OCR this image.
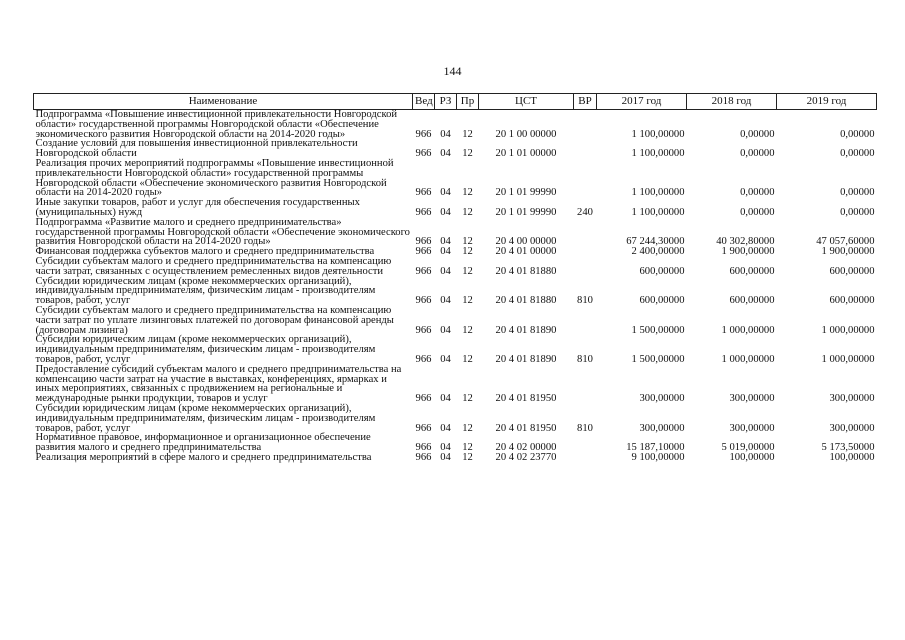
144
Наименование	Вед	РЗ	Пр	ЦСТ	ВР	2017 год	2018 год	2019 год
Подпрограмма «Повышение инвестиционной привлекательности Новгородской области» государственной программы Новгородской области «Обеспечение экономического развития Новгородской области на 2014-2020 годы»	966	04	12	20 1 00 00000		1 100,00000	0,00000	0,00000
Создание условий для повышения инвестиционной привлекательности Новгородской области	966	04	12	20 1 01 00000		1 100,00000	0,00000	0,00000
Реализация прочих мероприятий подпрограммы «Повышение инвестиционной привлекательности Новгородской области» государственной программы Новгородской области «Обеспечение экономического развития Новгородской области на 2014-2020 годы»	966	04	12	20 1 01 99990		1 100,00000	0,00000	0,00000
Иные закупки товаров, работ и услуг для обеспечения государственных (муниципальных) нужд	966	04	12	20 1 01 99990	240	1 100,00000	0,00000	0,00000
Подпрограмма «Развитие малого и среднего предпринимательства» государственной программы Новгородской области «Обеспечение экономического развития Новгородской области на 2014-2020 годы»	966	04	12	20 4 00 00000		67 244,30000	40 302,80000	47 057,60000
Финансовая поддержка субъектов малого и среднего предпринимательства	966	04	12	20 4 01 00000		2 400,00000	1 900,00000	1 900,00000
Субсидии субъектам малого и среднего предпринимательства на компенсацию части затрат, связанных с осуществлением ремесленных видов деятельности	966	04	12	20 4 01 81880		600,00000	600,00000	600,00000
Субсидии юридическим лицам (кроме некоммерческих организаций), индивидуальным предпринимателям, физическим лицам - производителям товаров, работ, услуг	966	04	12	20 4 01 81880	810	600,00000	600,00000	600,00000
Субсидии субъектам малого и среднего предпринимательства на компенсацию части затрат по уплате лизинговых платежей по договорам финансовой аренды (договорам лизинга)	966	04	12	20 4 01 81890		1 500,00000	1 000,00000	1 000,00000
Субсидии юридическим лицам (кроме некоммерческих организаций), индивидуальным предпринимателям, физическим лицам - производителям товаров, работ, услуг	966	04	12	20 4 01 81890	810	1 500,00000	1 000,00000	1 000,00000
Предоставление субсидий субъектам малого и среднего предпринимательства на компенсацию части затрат на участие в выставках, конференциях, ярмарках и иных мероприятиях, связанных с продвижением на региональные и международные рынки продукции, товаров и услуг	966	04	12	20 4 01 81950		300,00000	300,00000	300,00000
Субсидии юридическим лицам (кроме некоммерческих организаций), индивидуальным предпринимателям, физическим лицам - производителям товаров, работ, услуг	966	04	12	20 4 01 81950	810	300,00000	300,00000	300,00000
Нормативное правовое, информационное и организационное обеспечение развития малого и среднего предпринимательства	966	04	12	20 4 02 00000		15 187,10000	5 019,00000	5 173,50000
Реализация мероприятий в сфере малого и среднего предпринимательства	966	04	12	20 4 02 23770		9 100,00000	100,00000	100,00000
